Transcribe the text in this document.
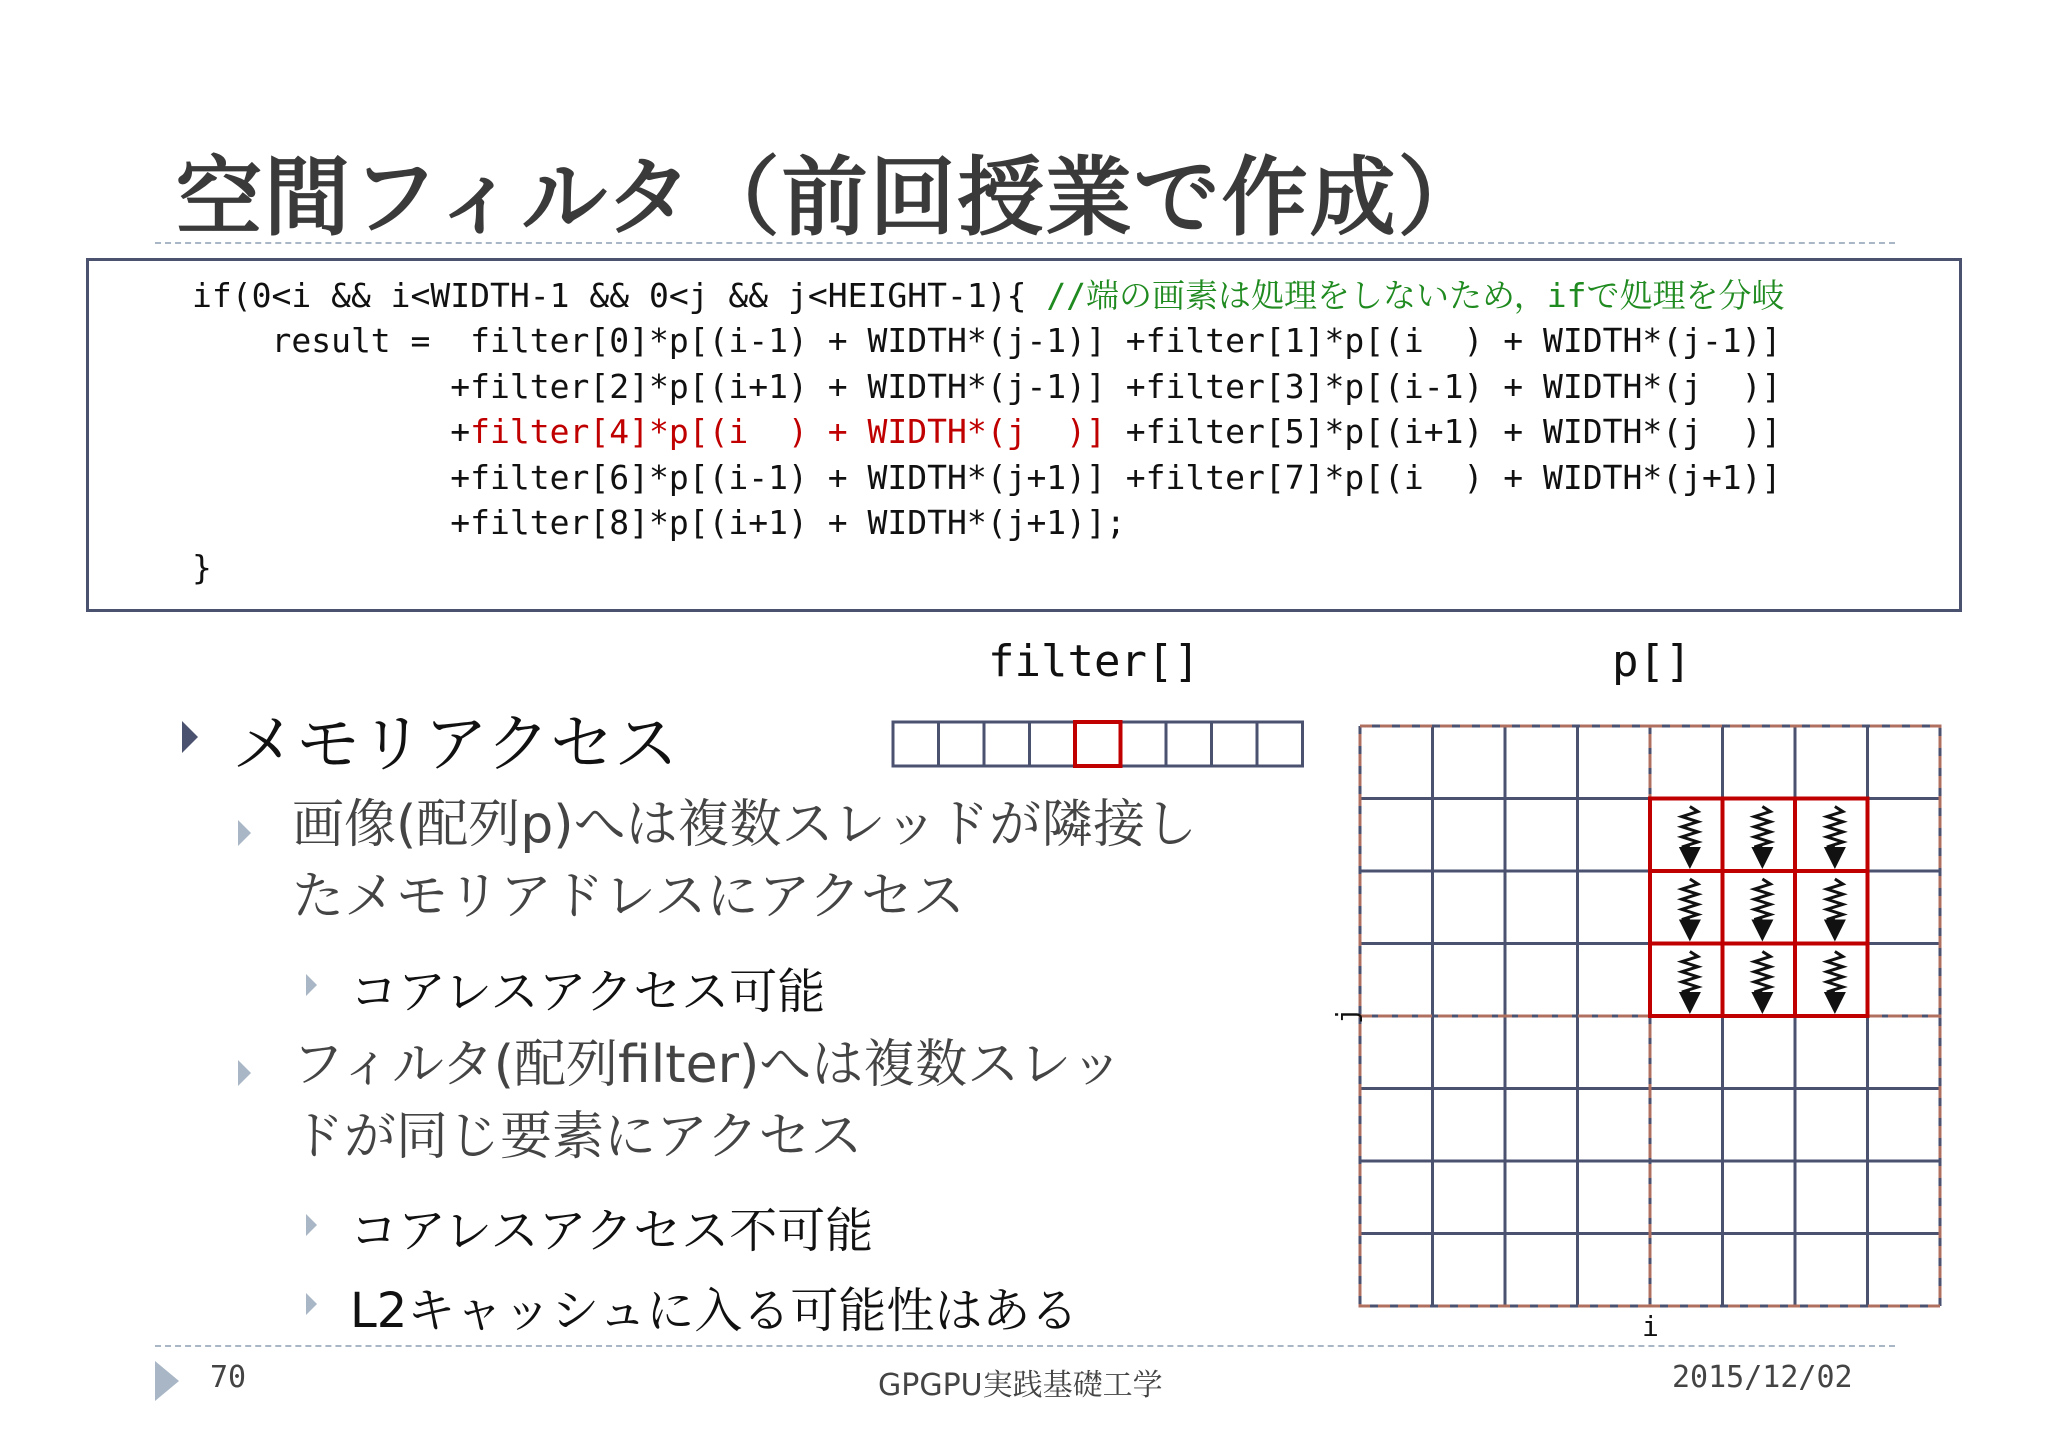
空間フィルタ（前回授業で作成）
if(0<i && i<WIDTH-1 && 0<j && j<HEIGHT-1){ //端の画素は処理をしないため，ifで処理を分岐
result =  filter[0]*p[(i-1) + WIDTH*(j-1)] +filter[1]*p[(i  ) + WIDTH*(j-1)]
+filter[2]*p[(i+1) + WIDTH*(j-1)] +filter[3]*p[(i-1) + WIDTH*(j  )]
+filter[4]*p[(i  ) + WIDTH*(j  )] +filter[5]*p[(i+1) + WIDTH*(j  )]
+filter[6]*p[(i-1) + WIDTH*(j+1)] +filter[7]*p[(i  ) + WIDTH*(j+1)]
+filter[8]*p[(i+1) + WIDTH*(j+1)];
}
filter[]	p[]
i
j
メモリアクセス
画像(配列p)へは複数スレッドが隣接し
たメモリアドレスにアクセス
コアレスアクセス可能
フィルタ(配列filter)へは複数スレッ
ドが同じ要素にアクセス
コアレスアクセス不可能
L2キャッシュに入る可能性はある
70	GPGPU実践基礎工学	2015/12/02
